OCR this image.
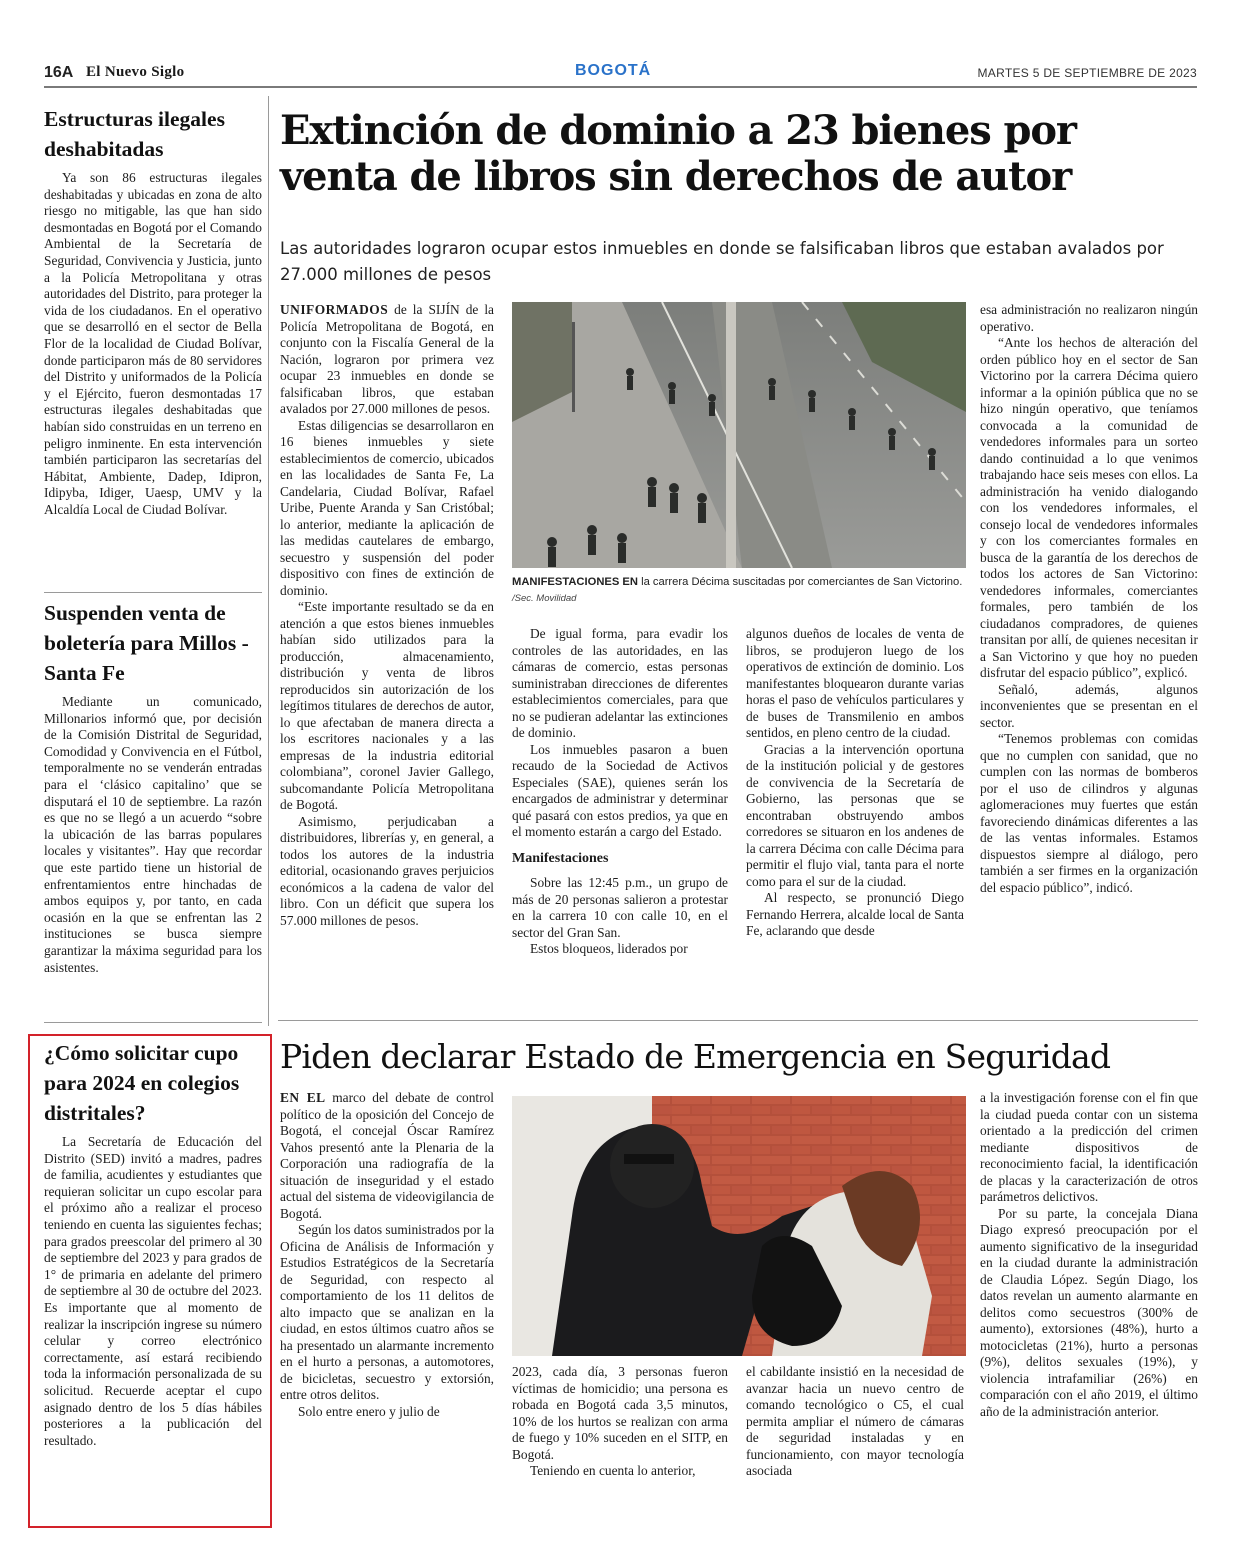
16A El Nuevo Siglo	BOGOTÁ	MARTES 5 DE SEPTIEMBRE DE 2023
Estructuras ilegales deshabitadas

Ya son 86 estructuras ilegales deshabitadas y ubicadas en zona de alto riesgo no mitigable, las que han sido desmontadas en Bogotá por el Comando Ambiental de la Secretaría de Seguridad, Convivencia y Justicia, junto a la Policía Metropolitana y otras autoridades del Distrito, para proteger la vida de los ciudadanos. En el operativo que se desarrolló en el sector de Bella Flor de la localidad de Ciudad Bolívar, donde participaron más de 80 servidores del Distrito y uniformados de la Policía y el Ejército, fueron desmontadas 17 estructuras ilegales deshabitadas que habían sido construidas en un terreno en peligro inminente. En esta intervención también participaron las secretarías del Hábitat, Ambiente, Dadep, Idipron, Idipyba, Idiger, Uaesp, UMV y la Alcaldía Local de Ciudad Bolívar.

Suspenden venta de boletería para Millos - Santa Fe

Mediante un comunicado, Millonarios informó que, por decisión de la Comisión Distrital de Seguridad, Comodidad y Convivencia en el Fútbol, temporalmente no se venderán entradas para el ‘clásico capitalino’ que se disputará el 10 de septiembre. La razón es que no se llegó a un acuerdo “sobre la ubicación de las barras populares locales y visitantes”. Hay que recordar que este partido tiene un historial de enfrentamientos entre hinchadas de ambos equipos y, por tanto, en cada ocasión en la que se enfrentan las 2 instituciones se busca siempre garantizar la máxima seguridad para los asistentes.

¿Cómo solicitar cupo para 2024 en colegios distritales?

La Secretaría de Educación del Distrito (SED) invitó a madres, padres de familia, acudientes y estudiantes que requieran solicitar un cupo escolar para el próximo año a realizar el proceso teniendo en cuenta las siguientes fechas; para grados preescolar del primero al 30 de septiembre del 2023 y para grados de 1° de primaria en adelante del primero de septiembre al 30 de octubre del 2023. Es importante que al momento de realizar la inscripción ingrese su número celular y correo electrónico correctamente, así estará recibiendo toda la información personalizada de su solicitud. Recuerde aceptar el cupo asignado dentro de los 5 días hábiles posteriores a la publicación del resultado.

Extinción de dominio a 23 bienes por venta de libros sin derechos de autor
Las autoridades lograron ocupar estos inmuebles en donde se falsificaban libros que estaban avalados por 27.000 millones de pesos

UNIFORMADOS de la SIJÍN de la Policía Metropolitana de Bogotá, en conjunto con la Fiscalía General de la Nación, lograron por primera vez ocupar 23 inmuebles en donde se falsificaban libros, que estaban avalados por 27.000 millones de pesos.

Estas diligencias se desarrollaron en 16 bienes inmuebles y siete establecimientos de comercio, ubicados en las localidades de Santa Fe, La Candelaria, Ciudad Bolívar, Rafael Uribe, Puente Aranda y San Cristóbal; lo anterior, mediante la aplicación de las medidas cautelares de embargo, secuestro y suspensión del poder dispositivo con fines de extinción de dominio.

“Este importante resultado se da en atención a que estos bienes inmuebles habían sido utilizados para la producción, almacenamiento, distribución y venta de libros reproducidos sin autorización de los legítimos titulares de derechos de autor, lo que afectaban de manera directa a los escritores nacionales y a las empresas de la industria editorial colombiana”, coronel Javier Gallego, subcomandante Policía Metropolitana de Bogotá.

Asimismo, perjudicaban a distribuidores, librerías y, en general, a todos los autores de la industria editorial, ocasionando graves perjuicios económicos a la cadena de valor del libro. Con un déficit que supera los 57.000 millones de pesos.

MANIFESTACIONES EN la carrera Décima suscitadas por comerciantes de San Victorino. /Sec. Movilidad

De igual forma, para evadir los controles de las autoridades, en las cámaras de comercio, estas personas suministraban direcciones de diferentes establecimientos comerciales, para que no se pudieran adelantar las extinciones de dominio.

Los inmuebles pasaron a buen recaudo de la Sociedad de Activos Especiales (SAE), quienes serán los encargados de administrar y determinar qué pasará con estos predios, ya que en el momento estarán a cargo del Estado.

Manifestaciones

Sobre las 12:45 p.m., un grupo de más de 20 personas salieron a protestar en la carrera 10 con calle 10, en el sector del Gran San.

Estos bloqueos, liderados por

algunos dueños de locales de venta de libros, se produjeron luego de los operativos de extinción de dominio. Los manifestantes bloquearon durante varias horas el paso de vehículos particulares y de buses de Transmilenio en ambos sentidos, en pleno centro de la ciudad.

Gracias a la intervención oportuna de la institución policial y de gestores de convivencia de la Secretaría de Gobierno, las personas que se encontraban obstruyendo ambos corredores se situaron en los andenes de la carrera Décima con calle Décima para permitir el flujo vial, tanta para el norte como para el sur de la ciudad.

Al respecto, se pronunció Diego Fernando Herrera, alcalde local de Santa Fe, aclarando que desde

esa administración no realizaron ningún operativo.

“Ante los hechos de alteración del orden público hoy en el sector de San Victorino por la carrera Décima quiero informar a la opinión pública que no se hizo ningún operativo, que teníamos convocada a la comunidad de vendedores informales para un sorteo dando continuidad a lo que venimos trabajando hace seis meses con ellos. La administración ha venido dialogando con los vendedores informales, el consejo local de vendedores informales y con los comerciantes formales en busca de la garantía de los derechos de todos los actores de San Victorino: vendedores informales, comerciantes formales, pero también de los ciudadanos compradores, de quienes transitan por allí, de quienes necesitan ir a San Victorino y que hoy no pueden disfrutar del espacio público”, explicó.

Señaló, además, algunos inconvenientes que se presentan en el sector.

“Tenemos problemas con comidas que no cumplen con sanidad, que no cumplen con las normas de bomberos por el uso de cilindros y algunas aglomeraciones muy fuertes que están favoreciendo dinámicas diferentes a las de las ventas informales. Estamos dispuestos siempre al diálogo, pero también a ser firmes en la organización del espacio público”, indicó.

Piden declarar Estado de Emergencia en Seguridad

EN EL marco del debate de control político de la oposición del Concejo de Bogotá, el concejal Óscar Ramírez Vahos presentó ante la Plenaria de la Corporación una radiografía de la situación de inseguridad y el estado actual del sistema de videovigilancia de Bogotá.

Según los datos suministrados por la Oficina de Análisis de Información y Estudios Estratégicos de la Secretaría de Seguridad, con respecto al comportamiento de los 11 delitos de alto impacto que se analizan en la ciudad, en estos últimos cuatro años se ha presentado un alarmante incremento en el hurto a personas, a automotores, de bicicletas, secuestro y extorsión, entre otros delitos.

Solo entre enero y julio de

2023, cada día, 3 personas fueron víctimas de homicidio; una persona es robada en Bogotá cada 3,5 minutos, 10% de los hurtos se realizan con arma de fuego y 10% suceden en el SITP, en Bogotá.

Teniendo en cuenta lo anterior,

el cabildante insistió en la necesidad de avanzar hacia un nuevo centro de comando tecnológico o C5, el cual permita ampliar el número de cámaras de seguridad instaladas y en funcionamiento, con mayor tecnología asociada

a la investigación forense con el fin que la ciudad pueda contar con un sistema orientado a la predicción del crimen mediante dispositivos de reconocimiento facial, la identificación de placas y la caracterización de otros parámetros delictivos.

Por su parte, la concejala Diana Diago expresó preocupación por el aumento significativo de la inseguridad en la ciudad durante la administración de Claudia López. Según Diago, los datos revelan un aumento alarmante en delitos como secuestros (300% de aumento), extorsiones (48%), hurto a motocicletas (21%), hurto a personas (9%), delitos sexuales (19%), y violencia intrafamiliar (26%) en comparación con el año 2019, el último año de la administración anterior.
